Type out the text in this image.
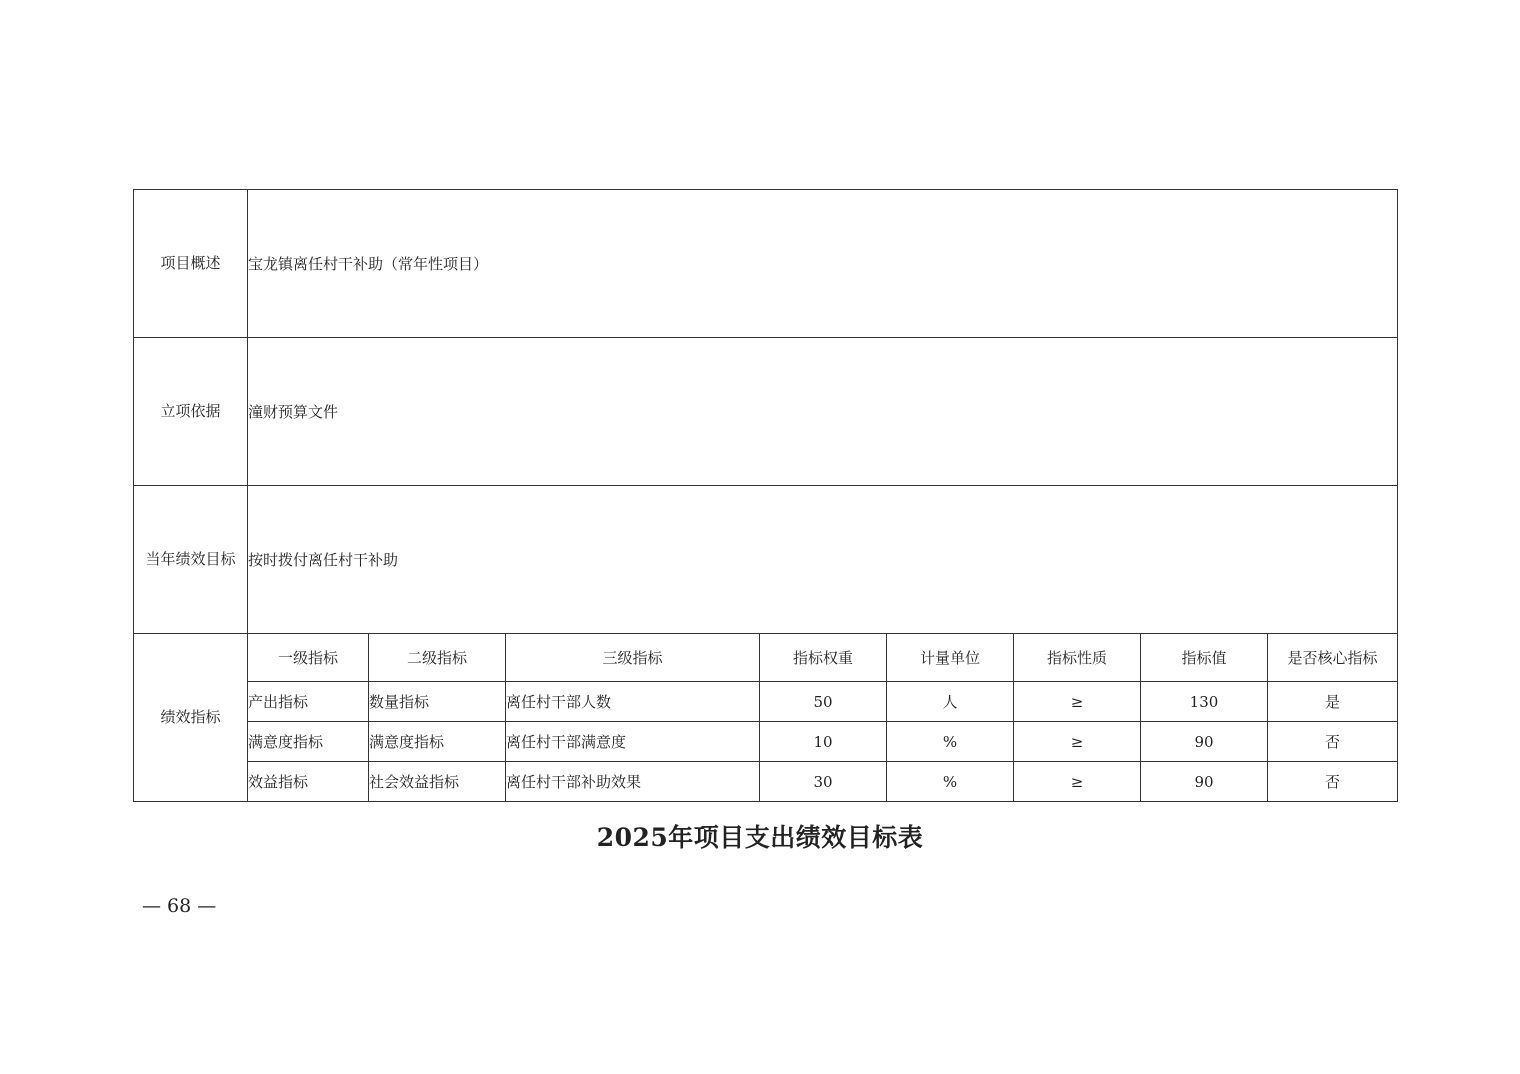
项目概述	宝龙镇离任村干补助（常年性项目）							
立项依据	潼财预算文件							
当年绩效目标	按时拨付离任村干补助							
绩效指标	一级指标	二级指标	三级指标	指标权重	计量单位	指标性质	指标值	是否核心指标
	产出指标	数量指标	离任村干部人数	50	人	≥	130	是
	满意度指标	满意度指标	离任村干部满意度	10	%	≥	90	否
	效益指标	社会效益指标	离任村干部补助效果	30	%	≥	90	否
2025年项目支出绩效目标表
— 68 —
